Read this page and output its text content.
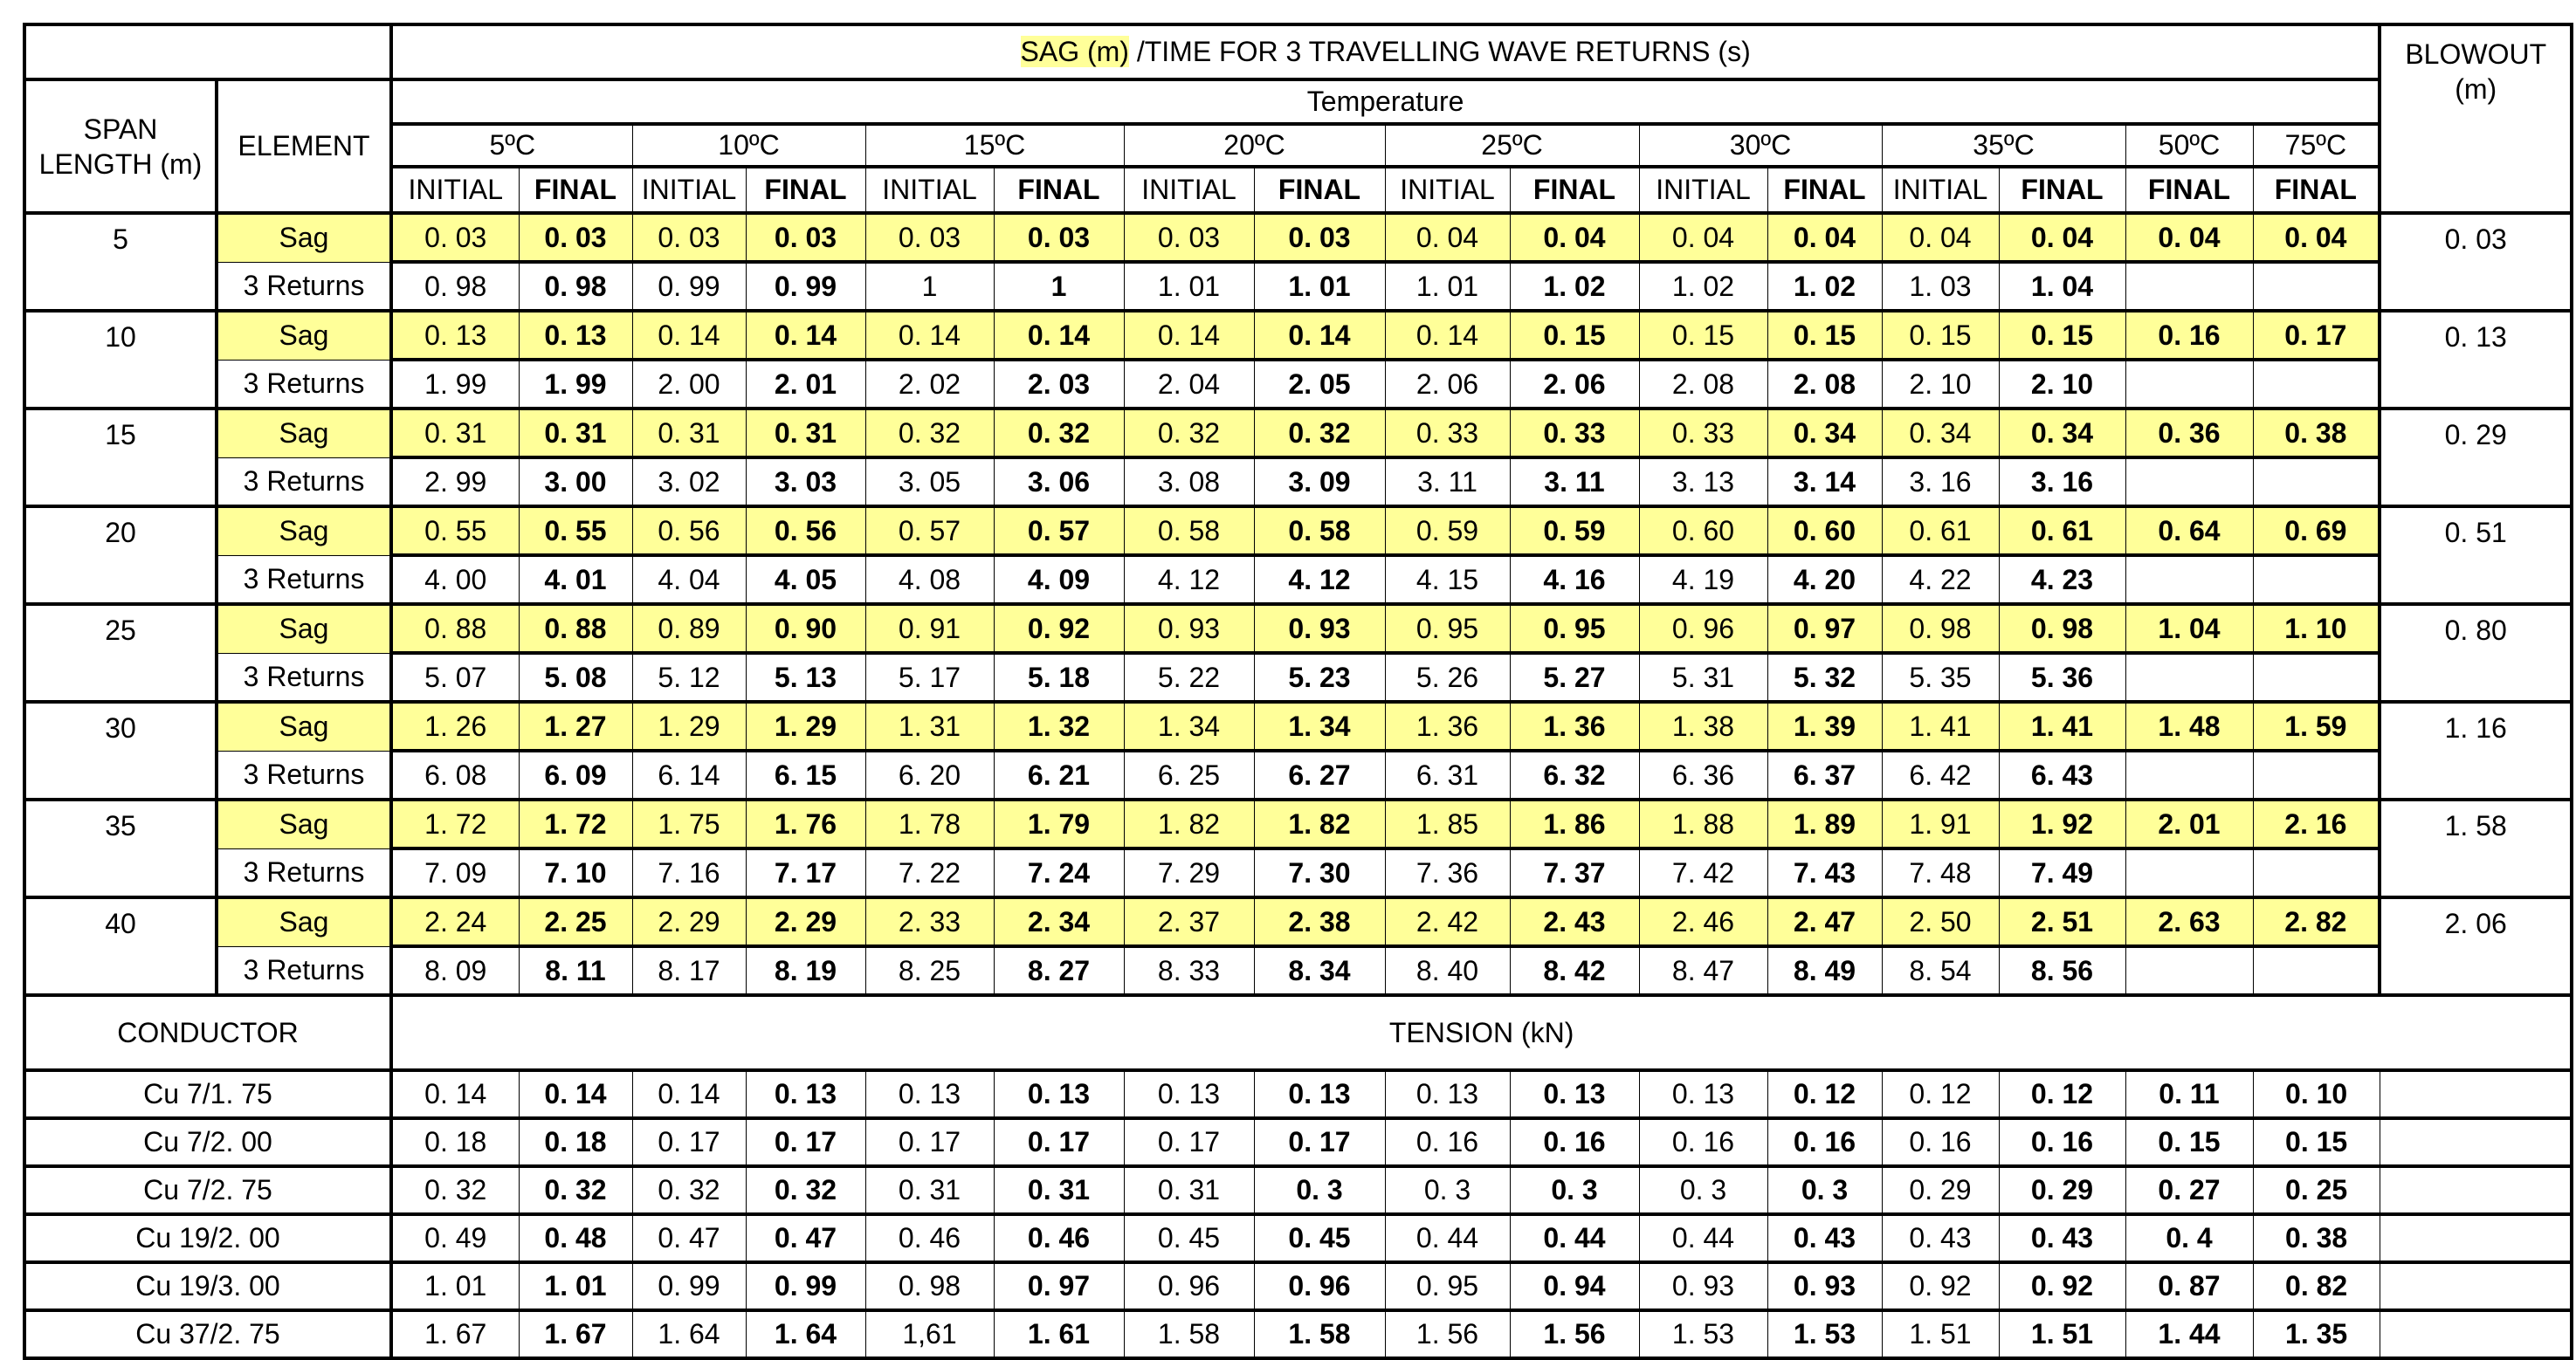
		SAG (m) /TIME FOR 3 TRAVELLING WAVE RETURNS (s)																BLOWOUT (m)
SPAN LENGTH (m)	ELEMENT	Temperature																
		5ºC		10ºC		15ºC		20ºC		25ºC		30ºC		35ºC		50ºC	75ºC	
		INITIAL	FINAL	INITIAL	FINAL	INITIAL	FINAL	INITIAL	FINAL	INITIAL	FINAL	INITIAL	FINAL	INITIAL	FINAL	FINAL	FINAL	
5	Sag	0. 03	0. 03	0. 03	0. 03	0. 03	0. 03	0. 03	0. 03	0. 04	0. 04	0. 04	0. 04	0. 04	0. 04	0. 04	0. 04	0. 03
	3 Returns	0. 98	0. 98	0. 99	0. 99	1	1	1. 01	1. 01	1. 01	1. 02	1. 02	1. 02	1. 03	1. 04			
10	Sag	0. 13	0. 13	0. 14	0. 14	0. 14	0. 14	0. 14	0. 14	0. 14	0. 15	0. 15	0. 15	0. 15	0. 15	0. 16	0. 17	0. 13
	3 Returns	1. 99	1. 99	2. 00	2. 01	2. 02	2. 03	2. 04	2. 05	2. 06	2. 06	2. 08	2. 08	2. 10	2. 10			
15	Sag	0. 31	0. 31	0. 31	0. 31	0. 32	0. 32	0. 32	0. 32	0. 33	0. 33	0. 33	0. 34	0. 34	0. 34	0. 36	0. 38	0. 29
	3 Returns	2. 99	3. 00	3. 02	3. 03	3. 05	3. 06	3. 08	3. 09	3. 11	3. 11	3. 13	3. 14	3. 16	3. 16			
20	Sag	0. 55	0. 55	0. 56	0. 56	0. 57	0. 57	0. 58	0. 58	0. 59	0. 59	0. 60	0. 60	0. 61	0. 61	0. 64	0. 69	0. 51
	3 Returns	4. 00	4. 01	4. 04	4. 05	4. 08	4. 09	4. 12	4. 12	4. 15	4. 16	4. 19	4. 20	4. 22	4. 23			
25	Sag	0. 88	0. 88	0. 89	0. 90	0. 91	0. 92	0. 93	0. 93	0. 95	0. 95	0. 96	0. 97	0. 98	0. 98	1. 04	1. 10	0. 80
	3 Returns	5. 07	5. 08	5. 12	5. 13	5. 17	5. 18	5. 22	5. 23	5. 26	5. 27	5. 31	5. 32	5. 35	5. 36			
30	Sag	1. 26	1. 27	1. 29	1. 29	1. 31	1. 32	1. 34	1. 34	1. 36	1. 36	1. 38	1. 39	1. 41	1. 41	1. 48	1. 59	1. 16
	3 Returns	6. 08	6. 09	6. 14	6. 15	6. 20	6. 21	6. 25	6. 27	6. 31	6. 32	6. 36	6. 37	6. 42	6. 43			
35	Sag	1. 72	1. 72	1. 75	1. 76	1. 78	1. 79	1. 82	1. 82	1. 85	1. 86	1. 88	1. 89	1. 91	1. 92	2. 01	2. 16	1. 58
	3 Returns	7. 09	7. 10	7. 16	7. 17	7. 22	7. 24	7. 29	7. 30	7. 36	7. 37	7. 42	7. 43	7. 48	7. 49			
40	Sag	2. 24	2. 25	2. 29	2. 29	2. 33	2. 34	2. 37	2. 38	2. 42	2. 43	2. 46	2. 47	2. 50	2. 51	2. 63	2. 82	2. 06
	3 Returns	8. 09	8. 11	8. 17	8. 19	8. 25	8. 27	8. 33	8. 34	8. 40	8. 42	8. 47	8. 49	8. 54	8. 56			
CONDUCTOR		TENSION (kN)																
Cu 7/1. 75		0. 14	0. 14	0. 14	0. 13	0. 13	0. 13	0. 13	0. 13	0. 13	0. 13	0. 13	0. 12	0. 12	0. 12	0. 11	0. 10	
Cu 7/2. 00		0. 18	0. 18	0. 17	0. 17	0. 17	0. 17	0. 17	0. 17	0. 16	0. 16	0. 16	0. 16	0. 16	0. 16	0. 15	0. 15	
Cu 7/2. 75		0. 32	0. 32	0. 32	0. 32	0. 31	0. 31	0. 31	0. 3	0. 3	0. 3	0. 3	0. 3	0. 29	0. 29	0. 27	0. 25	
Cu 19/2. 00		0. 49	0. 48	0. 47	0. 47	0. 46	0. 46	0. 45	0. 45	0. 44	0. 44	0. 44	0. 43	0. 43	0. 43	0. 4	0. 38	
Cu 19/3. 00		1. 01	1. 01	0. 99	0. 99	0. 98	0. 97	0. 96	0. 96	0. 95	0. 94	0. 93	0. 93	0. 92	0. 92	0. 87	0. 82	
Cu 37/2. 75		1. 67	1. 67	1. 64	1. 64	1,61	1. 61	1. 58	1. 58	1. 56	1. 56	1. 53	1. 53	1. 51	1. 51	1. 44	1. 35	
